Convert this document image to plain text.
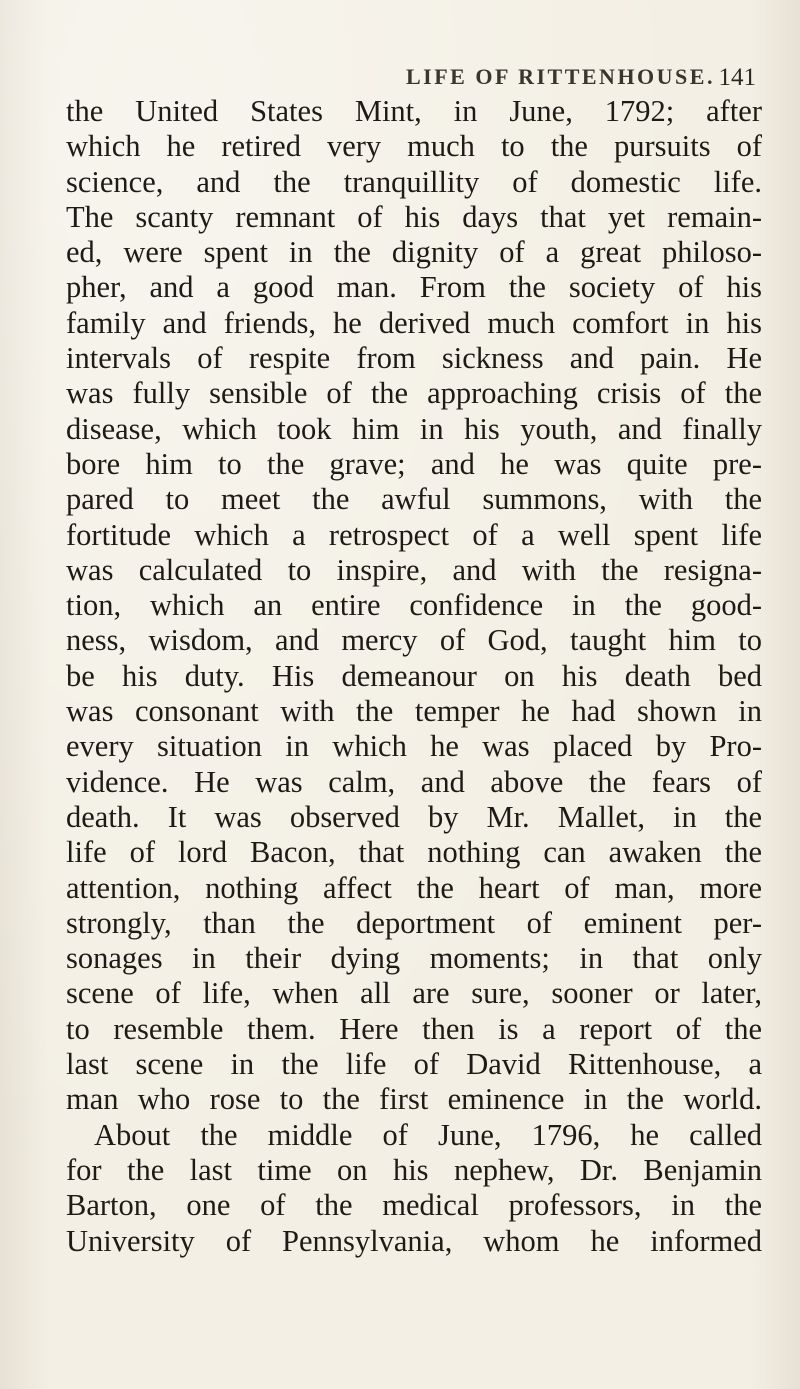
LIFE OF RITTENHOUSE. 141

the United States Mint, in June, 1792; after
which he retired very much to the pursuits of
science, and the tranquillity of domestic life.
The scanty remnant of his days that yet remain-
ed, were spent in the dignity of a great philoso-
pher, and a good man. From the society of his
family and friends, he derived much comfort in his
intervals of respite from sickness and pain. He
was fully sensible of the approaching crisis of the
disease, which took him in his youth, and finally
bore him to the grave; and he was quite pre-
pared to meet the awful summons, with the
fortitude which a retrospect of a well spent life
was calculated to inspire, and with the resigna-
tion, which an entire confidence in the good-
ness, wisdom, and mercy of God, taught him to
be his duty. His demeanour on his death bed
was consonant with the temper he had shown in
every situation in which he was placed by Pro-
vidence. He was calm, and above the fears of
death. It was observed by Mr. Mallet, in the
life of lord Bacon, that nothing can awaken the
attention, nothing affect the heart of man, more
strongly, than the deportment of eminent per-
sonages in their dying moments; in that only
scene of life, when all are sure, sooner or later,
to resemble them. Here then is a report of the
last scene in the life of David Rittenhouse, a
man who rose to the first eminence in the world.
About the middle of June, 1796, he called
for the last time on his nephew, Dr. Benjamin
Barton, one of the medical professors, in the
University of Pennsylvania, whom he informed
